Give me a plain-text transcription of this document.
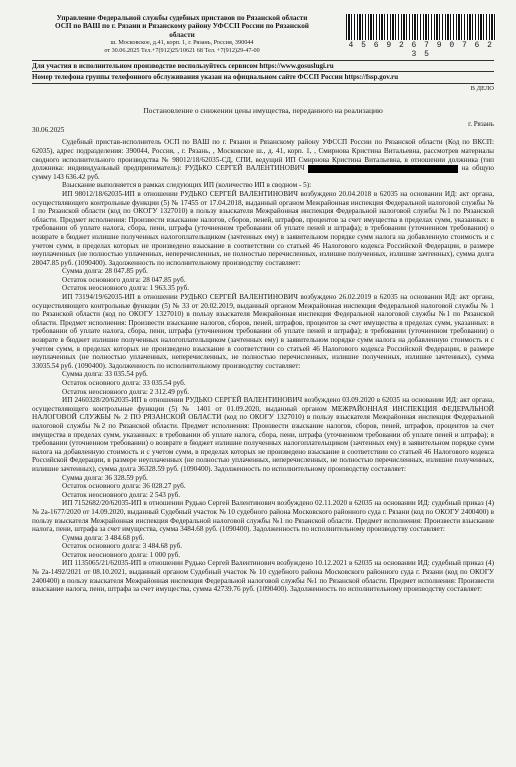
Управление Федеральной службы судебных приставов по Рязанской области
ОСП по ВАШ по г. Рязани и Рязанскому району УФССП России по Рязанской
области
ш. Московское, д.41, корп. 1, г. Рязань, Россия, 390044
от 30.06.2025 Тел.+7(912)25/10621 68 Тел. +7(912)29-47-00
4 5 6 9 2 6 7 9 0 7 6 2 3 5
Для участия в исполнительном производстве воспользуйтесь сервисом https://www.gosuslugi.ru
Номер телефона группы телефонного обслуживания указан на официальном сайте ФССП России https://fssp.gov.ru
В ДЕЛО
Постановление о снижении цены имущества, переданного на реализацию
30.06.2025
г. Рязань

Судебный пристав-исполнитель ОСП по ВАШ по г. Рязани и Рязанскому району УФССП России по Рязанской области (Код по ВКСП: 62035), адрес подразделения: 390044, Россия, , г. Рязань, , Московское ш., д. 41, корп. 1, , Смирнова Кристина Витальевна, рассмотрев материалы сводного исполнительного производства № 98012/18/62035-СД, СПИ, ведущий ИП Смирнова Кристина Витальевна, в отношении должника (тип должника: индивидуальный предприниматель): РУДЬКО СЕРГЕЙ ВАЛЕНТИНОВИЧ	на общую сумму 143 636.42 руб.

Взыскание выполняется в рамках следующих ИП (количество ИП в сводном - 5):

ИП 98012/18/62035-ИП в отношении РУДЬКО СЕРГЕЙ ВАЛЕНТИНОВИЧ возбуждено 20.04.2018 в 62035 на основании ИД: акт органа, осуществляющего контрольные функции (5) № 17455 от 17.04.2018, выданный органом Межрайонная инспекция Федеральной налоговой службы № 1 по Рязанской области (код по ОКОГУ 1327010) в пользу взыскателя Межрайонная инспекция Федеральной налоговой службы №1 по Рязанской области. Предмет исполнения: Произвести взыскание налогов, сборов, пеней, штрафов, процентов за счет имущества в пределах сумм, указанных: в требовании об уплате налога, сбора, пени, штрафа (уточненном требовании об уплате пеней и штрафа); в требовании (уточненном требовании) о возврате в бюджет излишне полученных налогоплательщиком (зачтенных ему) в заявительном порядке сумм налога на добавленную стоимость и с учетом сумм, в пределах которых не произведено взыскание в соответствии со статьей 46 Налогового кодекса Российской Федерации, в размере неуплаченных (не полностью уплаченных, неперечисленных, не полностью перечисленных, излишне полученных, излишне зачтенных), сумма долга 28047.85 руб. (1090400). Задолженность по исполнительному производству составляет:

Сумма долга: 28 047.85 руб.

Остаток основного долга: 28 047.85 руб.

Остаток неосновного долга: 1 963.35 руб.

ИП 73194/19/62035-ИП в отношении РУДЬКО СЕРГЕЙ ВАЛЕНТИНОВИЧ возбуждено 26.02.2019 в 62035 на основании ИД: акт органа, осуществляющего контрольные функции (5) № 33 от 20.02.2019, выданный органом Межрайонная инспекция Федеральной налоговой службы № 1 по Рязанской области (код по ОКОГУ 1327010) в пользу взыскателя Межрайонная инспекция Федеральной налоговой службы №1 по Рязанской области. Предмет исполнения: Произвести взыскание налогов, сборов, пеней, штрафов, процентов за счет имущества в пределах сумм, указанных: в требовании об уплате налога, сбора, пени, штрафа (уточненном требовании об уплате пеней и штрафа); в требовании (уточненном требовании) о возврате в бюджет излишне полученных налогоплательщиком (зачтенных ему) в заявительном порядке сумм налога на добавленную стоимость и с учетом сумм, в пределах которых не произведено взыскание в соответствии со статьей 46 Налогового кодекса Российской Федерации, в размере неуплаченных (не полностью уплаченных, неперечисленных, не полностью перечисленных, излишне полученных, излишне зачтенных), сумма 33035.54 руб. (1090400). Задолженность по исполнительному производству составляет:

Сумма долга: 33 035.54 руб.

Остаток основного долга: 33 035.54 руб.

Остаток неосновного долга: 2 312.49 руб.

ИП 2460328/20/62035-ИП в отношении РУДЬКО СЕРГЕЙ ВАЛЕНТИНОВИЧ возбуждено 03.09.2020 в 62035 на основании ИД: акт органа, осуществляющего контрольные функции (5) № 1401 от 01.09.2020, выданный органом МЕЖРАЙОННАЯ ИНСПЕКЦИЯ ФЕДЕРАЛЬНОЙ НАЛОГОВОЙ СЛУЖБЫ № 2 ПО РЯЗАНСКОЙ ОБЛАСТИ (код по ОКОГУ 1327010) в пользу взыскателя Межрайонная инспекция Федеральной налоговой службы №2 по Рязанской области. Предмет исполнения: Произвести взыскание налогов, сборов, пеней, штрафов, процентов за счет имущества в пределах сумм, указанных: в требовании об уплате налога, сбора, пени, штрафа (уточненном требовании об уплате пеней и штрафа); в требовании (уточненном требовании) о возврате в бюджет излишне полученных налогоплательщиком (зачтенных ему) в заявительном порядке сумм налога на добавленную стоимость и с учетом сумм, в пределах которых не произведено взыскание в соответствии со статьей 46 Налогового кодекса Российской Федерации, в размере неуплаченных (не полностью уплаченных, неперечисленных, не полностью перечисленных, излишне полученных, излишне зачтенных), сумма долга 36328.59 руб. (1090400). Задолженность по исполнительному производству составляет:

Сумма долга: 36 328.59 руб.

Остаток основного долга: 36 028.27 руб.

Остаток неосновного долга: 2 543 руб.

ИП 7152682/20/62035-ИП в отношении Рудько Сергей Валентинович возбуждено 02.11.2020 в 62035 на основании ИД: судебный приказ (4) № 2а-1677/2020 от 14.09.2020, выданный Судебный участок № 10 судебного района Московского районного суда г. Рязани (код по ОКОГУ 2400400) в пользу взыскателя Межрайонная инспекция Федеральной налоговой службы №1 по Рязанской области. Предмет исполнения: Произвести взыскание налога, пени, штрафа за счет имущества, сумма 3484.68 руб. (1090400). Задолженность по исполнительному производству составляет:

Сумма долга: 3 484.68 руб.

Остаток основного долга: 3 484.68 руб.

Остаток неосновного долга: 1 000 руб.

ИП 1135065/21/62035-ИП в отношении Рудько Сергей Валентинович возбуждено 10.12.2021 в 62035 на основании ИД: судебный приказ (4) № 2а-1492/2021 от 08.10.2021, выданный органом Судебный участок № 10 судебного района Московского районного суда г. Рязани (код по ОКОГУ 2400400) в пользу взыскателя Межрайонная инспекция Федеральной налоговой службы №1 по Рязанской области. Предмет исполнения: Произвести взыскание налога, пени, штрафа за счет имущества, сумма 42739.76 руб. (1090400). Задолженность по исполнительному производству составляет:
